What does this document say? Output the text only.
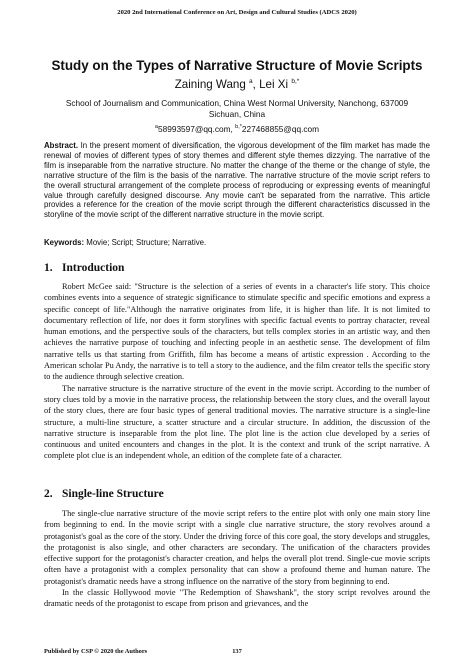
2020 2nd International Conference on Art, Design and Cultural Studies (ADCS 2020)
Study on the Types of Narrative Structure of Movie Scripts
Zaining Wang $^a$, Lei Xi $^{b,*}$
School of Journalism and Communication, China West Normal University, Nanchong, 637009 Sichuan, China
$^a$58993597@qq.com, $^{b,*}$227468855@qq.com
Abstract. In the present moment of diversification, the vigorous development of the film market has made the renewal of movies of different types of story themes and different style themes dizzying. The narrative of the film is inseparable from the narrative structure. No matter the change of the theme or the change of style, the narrative structure of the film is the basis of the narrative. The narrative structure of the movie script refers to the overall structural arrangement of the complete process of reproducing or expressing events of meaningful value through carefully designed discourse. Any movie can't be separated from the narrative. This article provides a reference for the creation of the movie script through the different characteristics discussed in the storyline of the movie script of the different narrative structure in the movie script.
Keywords: Movie; Script; Structure; Narrative.
1. Introduction

Robert McGee said: "Structure is the selection of a series of events in a character's life story. This choice combines events into a sequence of strategic significance to stimulate specific and specific emotions and express a specific concept of life."Although the narrative originates from life, it is higher than life. It is not limited to documentary reflection of life, nor does it form storylines with specific factual events to portray character, reveal human emotions, and the perspective souls of the characters, but tells complex stories in an artistic way, and then achieves the narrative purpose of touching and infecting people in an aesthetic sense. The development of film narrative tells us that starting from Griffith, film has become a means of artistic expression . According to the American scholar Pu Andy, the narrative is to tell a story to the audience, and the film creator tells the specific story to the audience through selective creation.

The narrative structure is the narrative structure of the event in the movie script. According to the number of story clues told by a movie in the narrative process, the relationship between the story clues, and the overall layout of the story clues, there are four basic types of general traditional movies. The narrative structure is a single-line structure, a multi-line structure, a scatter structure and a circular structure. In addition, the discussion of the narrative structure is inseparable from the plot line. The plot line is the action clue developed by a series of continuous and united encounters and changes in the plot. It is the context and trunk of the script narrative. A complete plot clue is an independent whole, an edition of the complete fate of a character.

2. Single-line Structure

The single-clue narrative structure of the movie script refers to the entire plot with only one main story line from beginning to end. In the movie script with a single clue narrative structure, the story revolves around a protagonist's goal as the core of the story. Under the driving force of this core goal, the story develops and struggles, the protagonist is also single, and other characters are secondary. The unification of the characters provides effective support for the protagonist's character creation, and helps the overall plot trend. Single-cue movie scripts often have a protagonist with a complex personality that can show a profound theme and human nature. The protagonist's dramatic needs have a strong influence on the narrative of the story from beginning to end.

In the classic Hollywood movie "The Redemption of Shawshank", the story script revolves around the dramatic needs of the protagonist to escape from prison and grievances, and the

Published by CSP © 2020 the Authors	137
